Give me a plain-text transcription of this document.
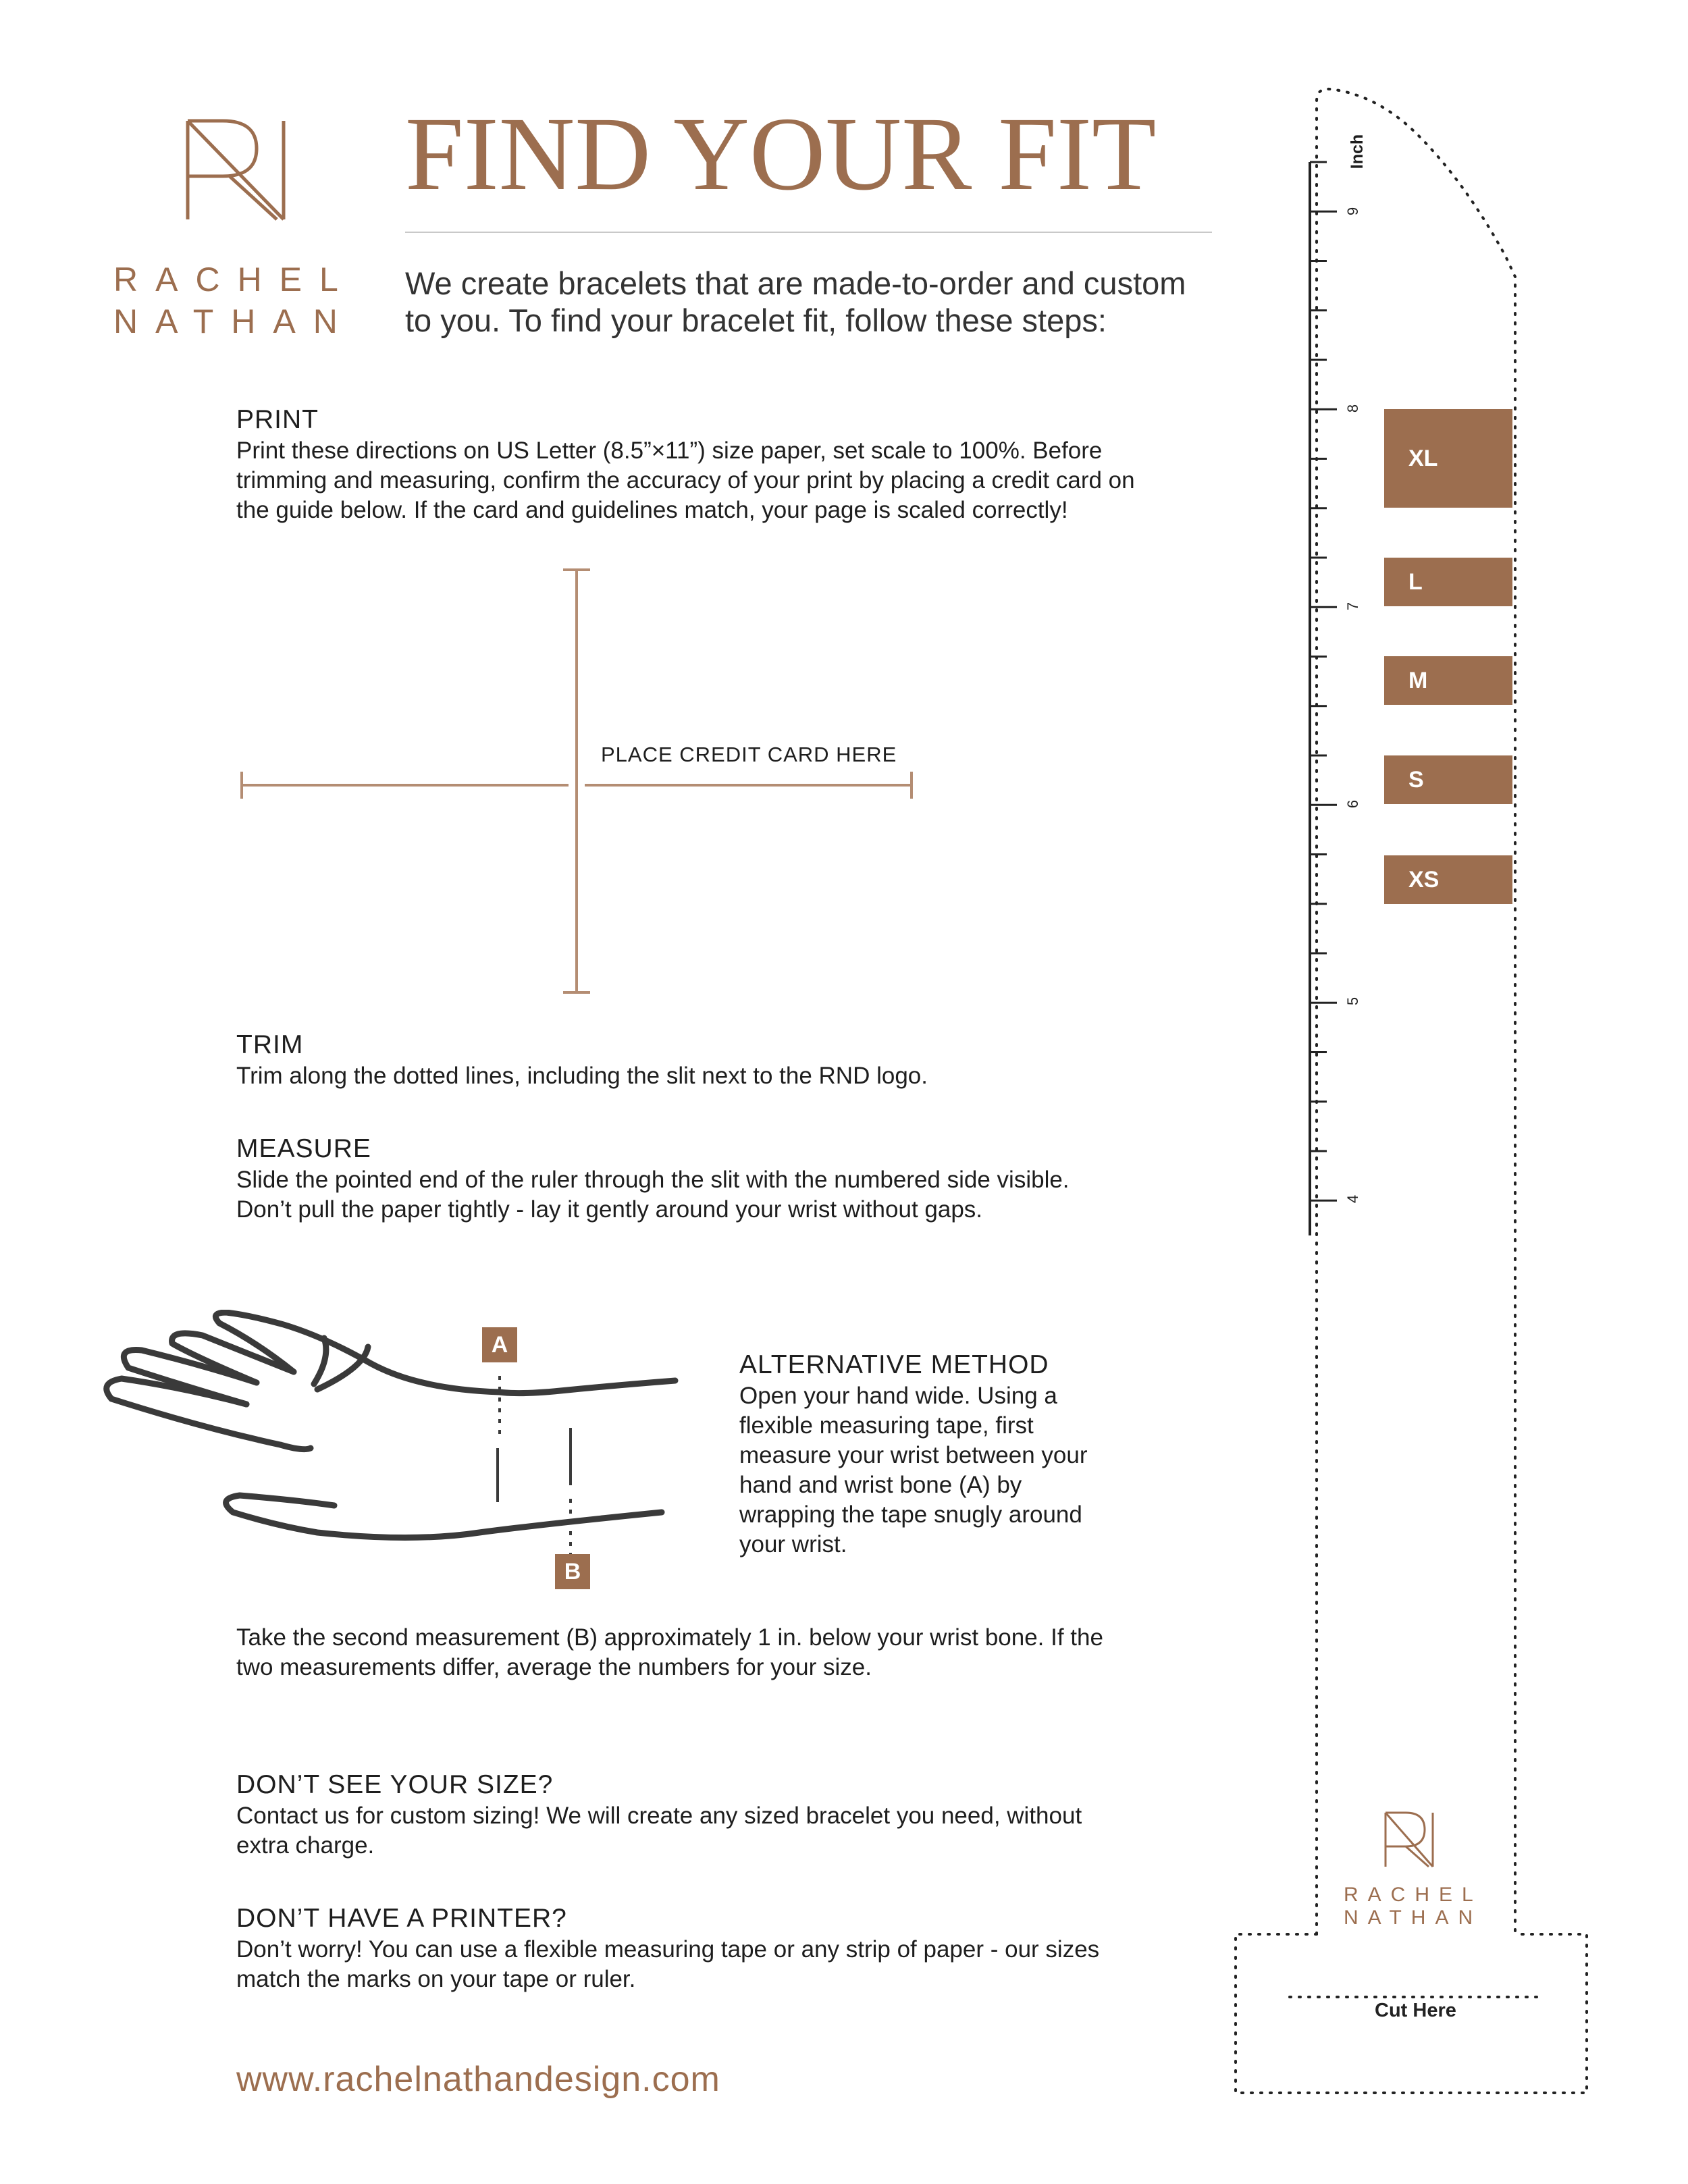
RACHEL
NATHAN
FIND YOUR FIT
We create bracelets that are made-to-order and custom to you. To find your bracelet fit, follow these steps:
PRINT
Print these directions on US Letter (8.5”×11”) size paper, set scale to 100%. Before trimming and measuring, confirm the accuracy of your print by placing a credit card on the guide below. If the card and guidelines match, your page is scaled correctly!
PLACE CREDIT CARD HERE
TRIM
Trim along the dotted lines, including the slit next to the RND logo.
MEASURE
Slide the pointed end of the ruler through the slit with the numbered side visible. Don’t pull the paper tightly - lay it gently around your wrist without gaps.
A
B
ALTERNATIVE METHOD
Open your hand wide. Using a flexible measuring tape, first measure your wrist between your hand and wrist bone (A) by wrapping the tape snugly around your wrist.
Take the second measurement (B) approximately 1 in. below your wrist bone. If the two measurements differ, average the numbers for your size.
DON’T SEE YOUR SIZE?
Contact us for custom sizing! We will create any sized bracelet you need, without extra charge.
DON’T HAVE A PRINTER?
Don’t worry! You can use a flexible measuring tape or any strip of paper - our sizes match the marks on your tape or ruler.
www.rachelnathandesign.com
Inch
9
8
7
6
5
4
XL
L
M
S
XS
RACHEL
NATHAN
Cut Here
